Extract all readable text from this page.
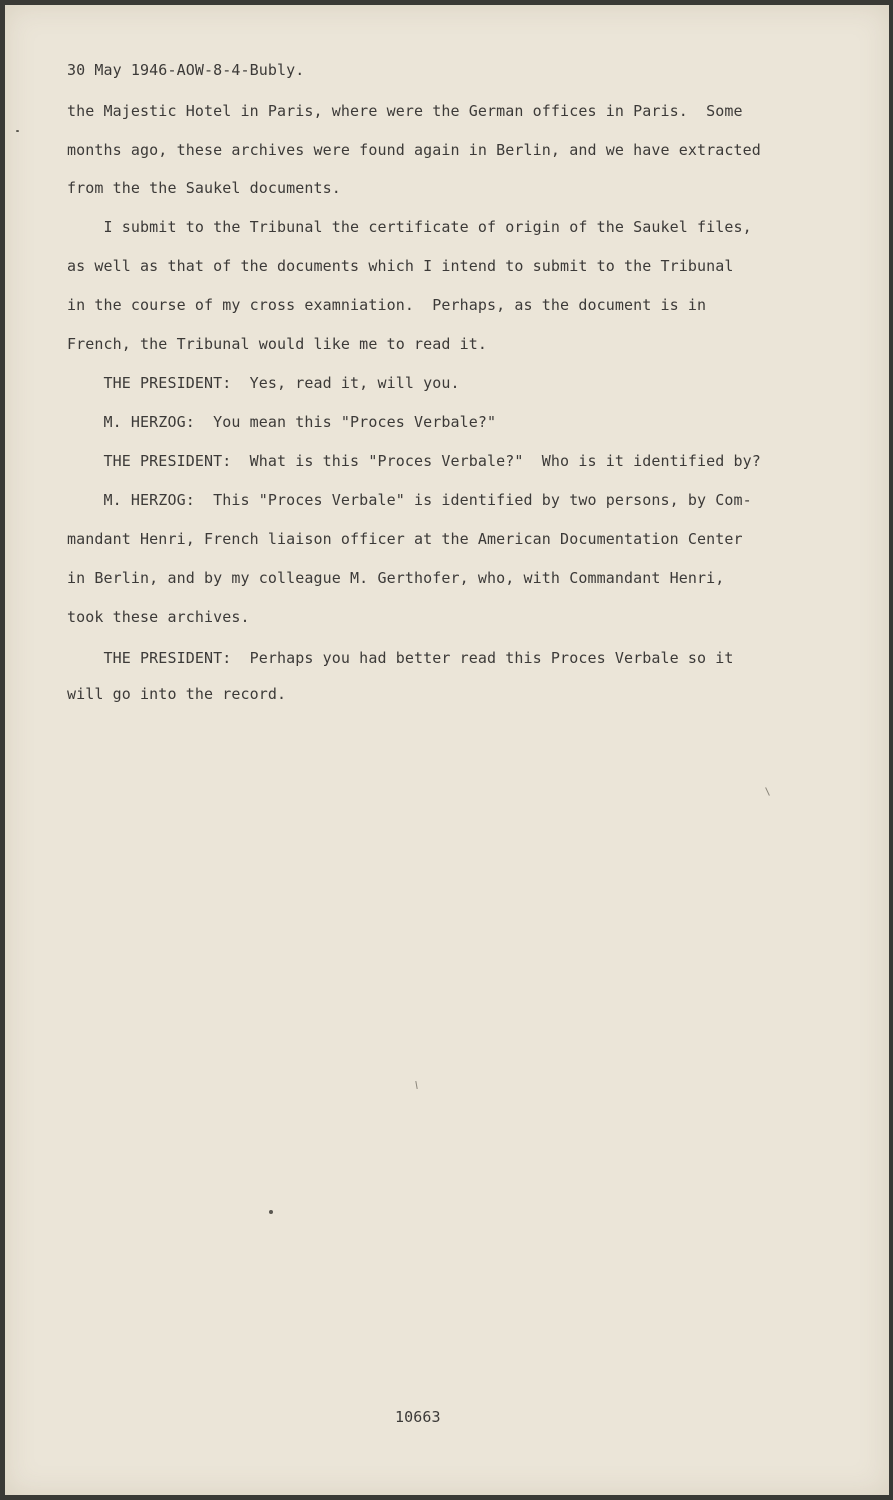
30 May 1946-AOW-8-4-Bubly.
the Majestic Hotel in Paris, where were the German offices in Paris.  Some
months ago, these archives were found again in Berlin, and we have extracted
from the the Saukel documents.
I submit to the Tribunal the certificate of origin of the Saukel files,
as well as that of the documents which I intend to submit to the Tribunal
in the course of my cross examniation.  Perhaps, as the document is in
French, the Tribunal would like me to read it.
THE PRESIDENT:  Yes, read it, will you.
M. HERZOG:  You mean this "Proces Verbale?"
THE PRESIDENT:  What is this "Proces Verbale?"  Who is it identified by?
M. HERZOG:  This "Proces Verbale" is identified by two persons, by Com-
mandant Henri, French liaison officer at the American Documentation Center
in Berlin, and by my colleague M. Gerthofer, who, with Commandant Henri,
took these archives.
THE PRESIDENT:  Perhaps you had better read this Proces Verbale so it
will go into the record.
10663
